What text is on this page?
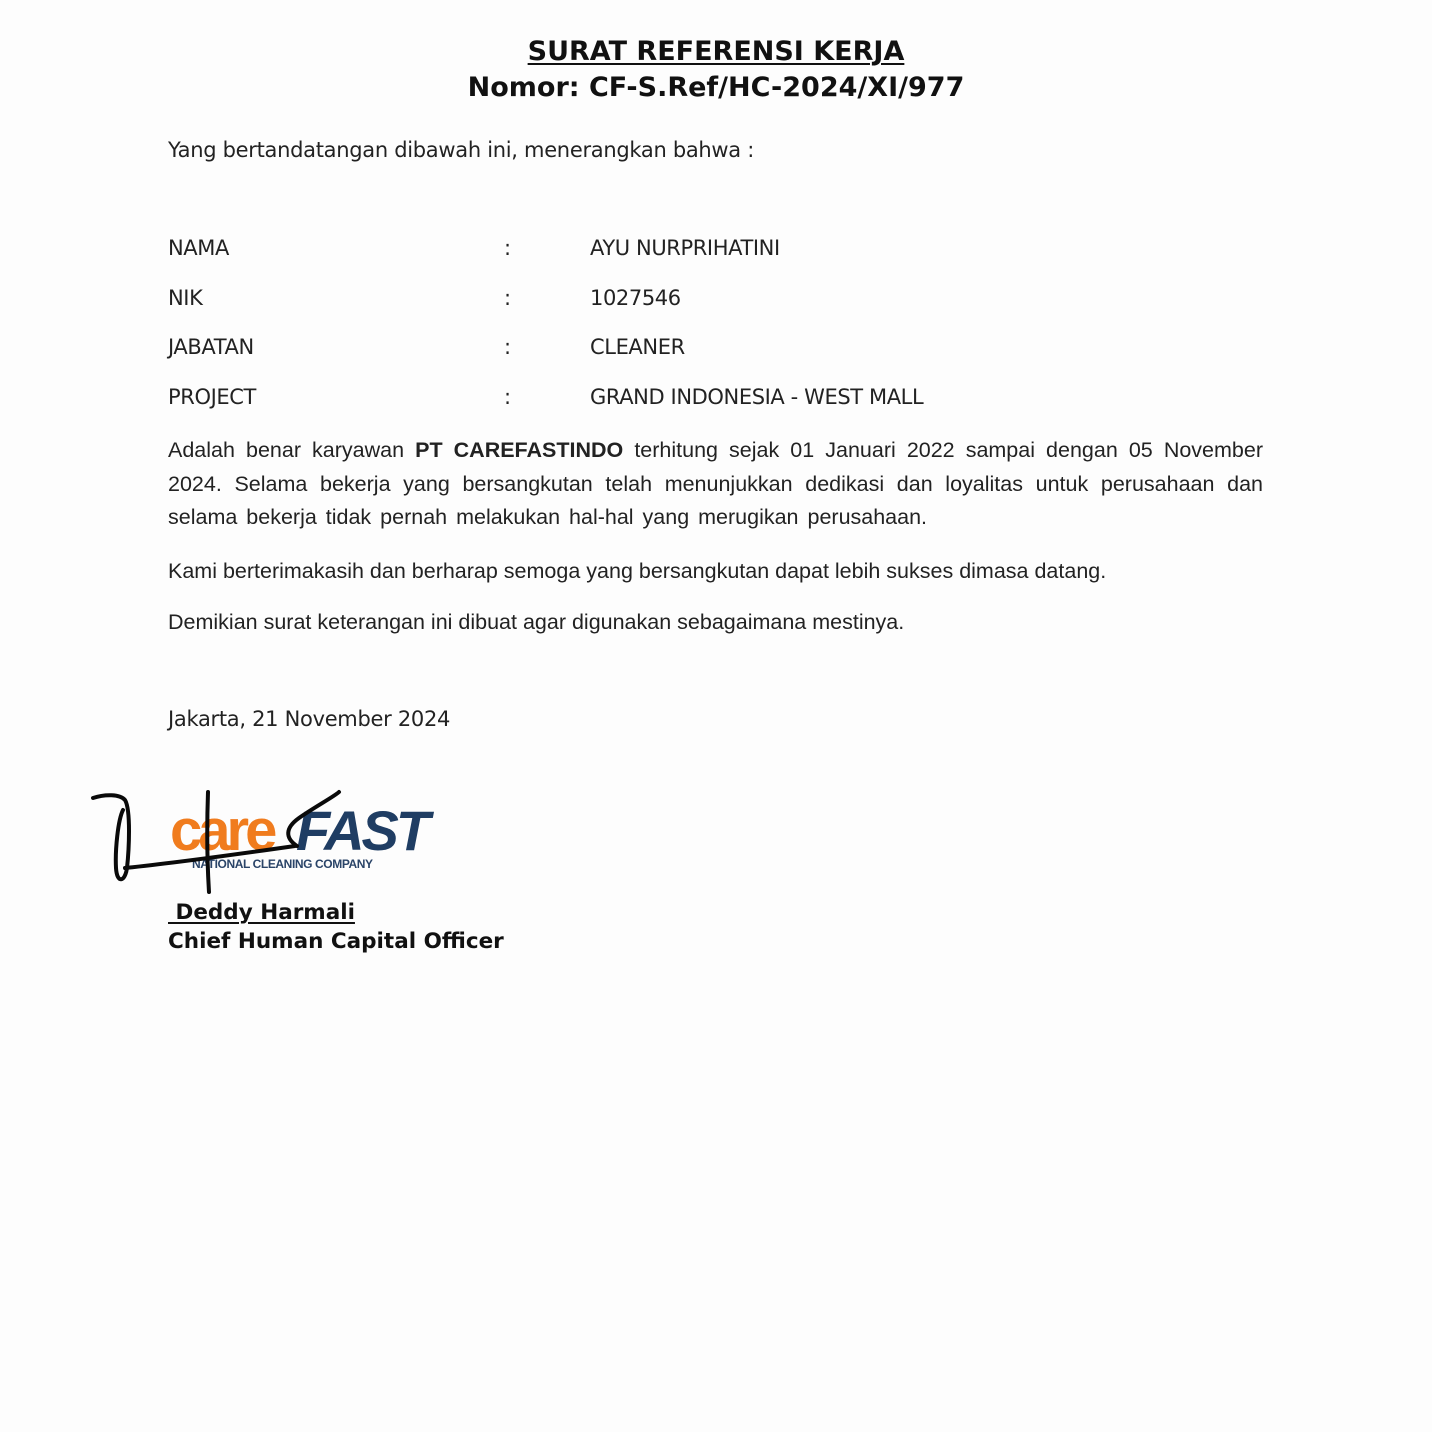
SURAT REFERENSI KERJA
Nomor: CF-S.Ref/HC-2024/XI/977
Yang bertandatangan dibawah ini, menerangkan bahwa :
NAMA	:	AYU NURPRIHATINI
NIK	:	1027546
JABATAN	:	CLEANER
PROJECT	:	GRAND INDONESIA - WEST MALL

Adalah benar karyawan PT CAREFASTINDO terhitung sejak 01 Januari 2022 sampai dengan 05 November 2024. Selama bekerja yang bersangkutan telah menunjukkan dedikasi dan loyalitas untuk perusahaan dan selama bekerja tidak pernah melakukan hal-hal yang merugikan perusahaan.

Kami berterimakasih dan berharap semoga yang bersangkutan dapat lebih sukses dimasa datang.

Demikian surat keterangan ini dibuat agar digunakan sebagaimana mestinya.

Jakarta, 21 November 2024
care FAST
NATIONAL CLEANING COMPANY
Deddy Harmali
Chief Human Capital Officer
